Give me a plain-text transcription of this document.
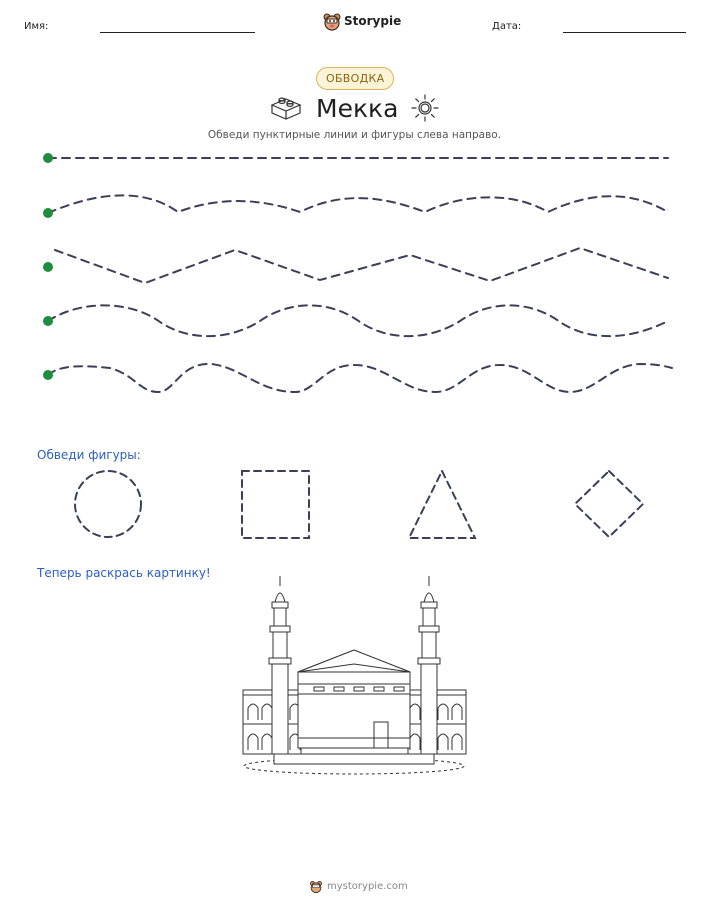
Имя:	Storypie	Дата:
ОБВОДКА
Мекка
Обведи пунктирные линии и фигуры слева направо.
Обведи фигуры:
Теперь раскрась картинку!
mystorypie.com
